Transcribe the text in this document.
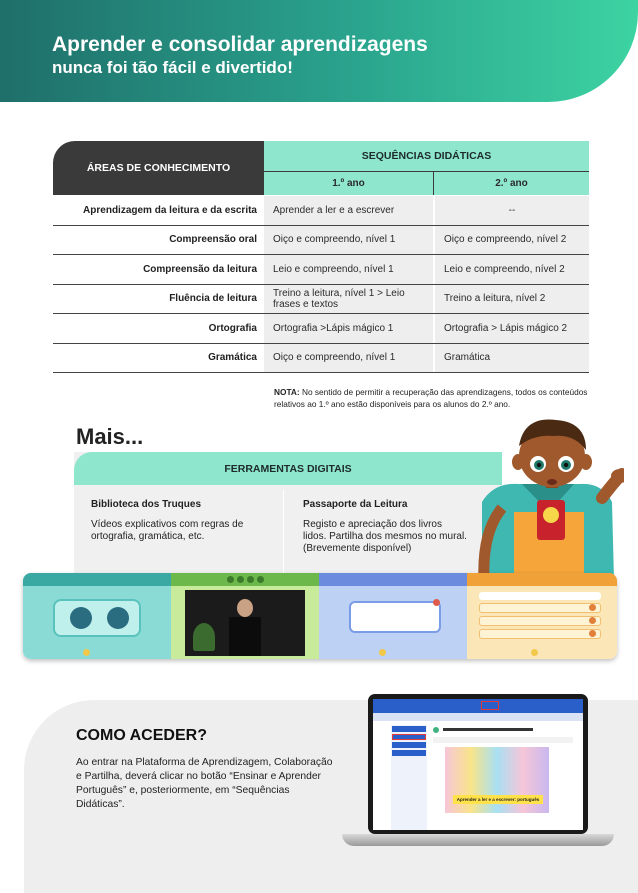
Aprender e consolidar aprendizagens
nunca foi tão fácil e divertido!
ÁREAS DE CONHECIMENTO
SEQUÊNCIAS DIDÁTICAS
1.º ano	2.º ano
Aprendizagem da leitura e da escrita	Aprender a ler e a escrever	--
Compreensão oral	Oiço e compreendo, nível 1	Oiço e compreendo, nível 2
Compreensão da leitura	Leio e compreendo, nível 1	Leio e compreendo, nível 2
Fluência de leitura	Treino a leitura, nível 1 > Leio frases e textos	Treino a leitura, nível 2
Ortografia	Ortografia >Lápis mágico 1	Ortografia > Lápis mágico 2
Gramática	Oiço e compreendo, nível 1	Gramática
NOTA: No sentido de permitir a recuperação das aprendizagens, todos os conteúdos relativos ao 1.º ano estão disponíveis para os alunos do 2.º ano.
Mais...
FERRAMENTAS DIGITAIS
Biblioteca dos Truques
Vídeos explicativos com regras de ortografia, gramática, etc.
Passaporte da Leitura
Registo e apreciação dos livros lidos. Partilha dos mesmos no mural. (Brevemente disponível)
COMO ACEDER?
Ao entrar na Plataforma de Aprendizagem, Colaboração e Partilha, deverá clicar no botão “Ensinar e Aprender Português” e, posteriormente, em “Sequências Didáticas”.	Aprender a ler e a escrever: português
